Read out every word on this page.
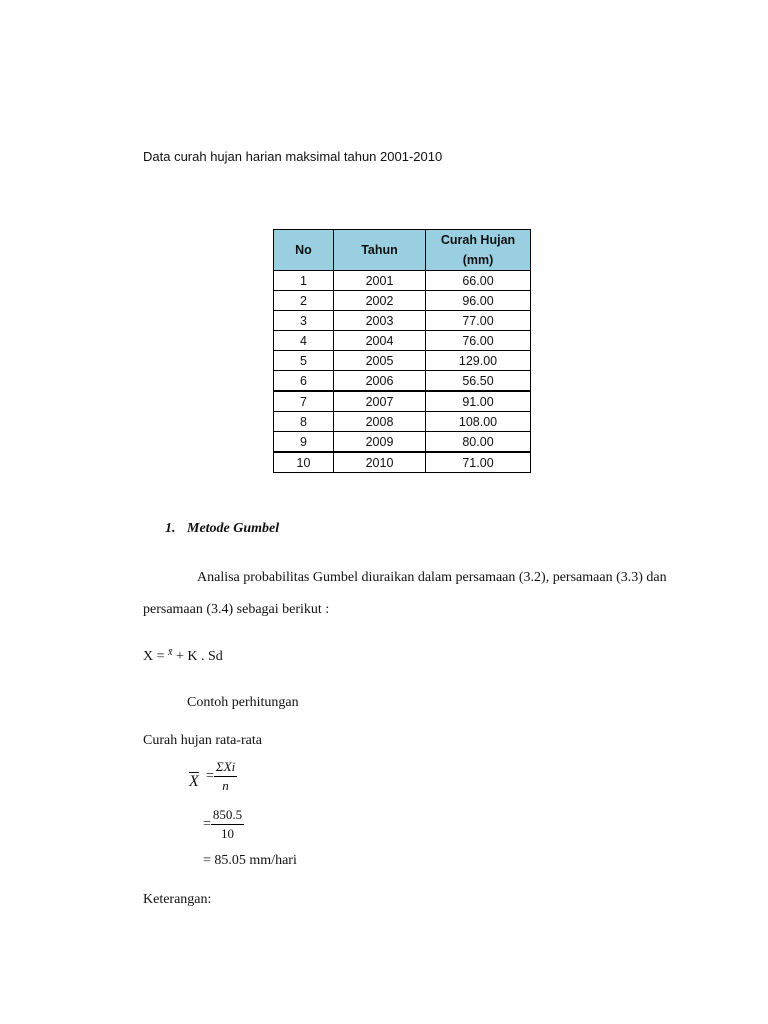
Data curah hujan harian maksimal tahun 2001-2010
No	Tahun	Curah Hujan
(mm)
1	2001	66.00
2	2002	96.00
3	2003	77.00
4	2004	76.00
5	2005	129.00
6	2006	56.50
7	2007	91.00
8	2008	108.00
9	2009	80.00
10	2010	71.00
1. Metode Gumbel
Analisa probabilitas Gumbel diuraikan dalam persamaan (3.2), persamaan (3.3) dan
persamaan (3.4) sebagai berikut :
X = $^{x̄}$ + K . Sd
Contoh perhitungan
Curah hujan rata-rata
$\overline{X} = \frac{\text{ΣXi}}{n}$
= $\frac{850.5}{10}$
= 85.05 mm/hari
Keterangan:
